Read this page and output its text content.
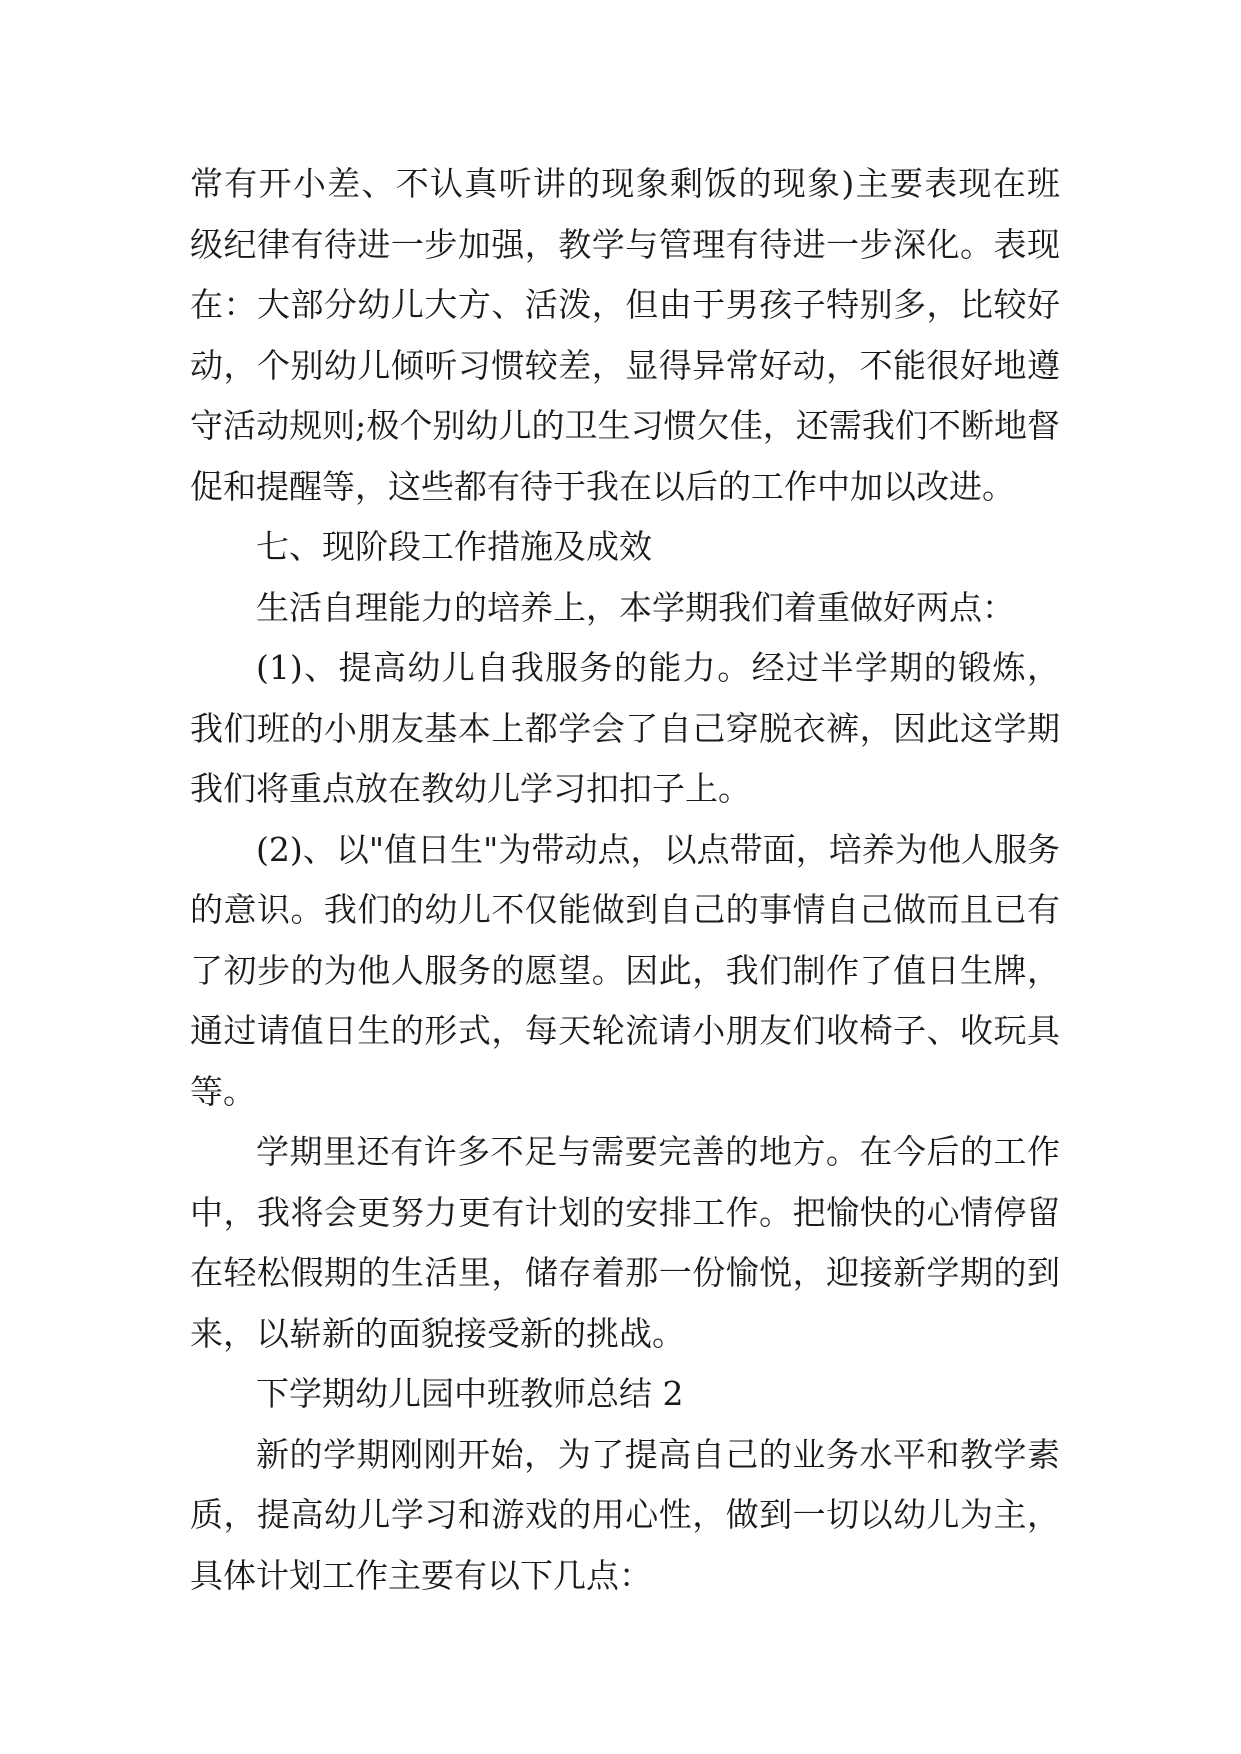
常有开小差、不认真听讲的现象剩饭的现象)主要表现在班级纪律有待进一步加强，教学与管理有待进一步深化。表现在：大部分幼儿大方、活泼，但由于男孩子特别多，比较好动，个别幼儿倾听习惯较差，显得异常好动，不能很好地遵守活动规则;极个别幼儿的卫生习惯欠佳，还需我们不断地督促和提醒等，这些都有待于我在以后的工作中加以改进。

七、现阶段工作措施及成效

生活自理能力的培养上，本学期我们着重做好两点：

(1)、提高幼儿自我服务的能力。经过半学期的锻炼，我们班的小朋友基本上都学会了自己穿脱衣裤，因此这学期我们将重点放在教幼儿学习扣扣子上。

(2)、以"值日生"为带动点，以点带面，培养为他人服务的意识。我们的幼儿不仅能做到自己的事情自己做而且已有了初步的为他人服务的愿望。因此，我们制作了值日生牌，通过请值日生的形式，每天轮流请小朋友们收椅子、收玩具等。

学期里还有许多不足与需要完善的地方。在今后的工作中，我将会更努力更有计划的安排工作。把愉快的心情停留在轻松假期的生活里，储存着那一份愉悦，迎接新学期的到来，以崭新的面貌接受新的挑战。

下学期幼儿园中班教师总结 2

新的学期刚刚开始，为了提高自己的业务水平和教学素质，提高幼儿学习和游戏的用心性，做到一切以幼儿为主，具体计划工作主要有以下几点：
